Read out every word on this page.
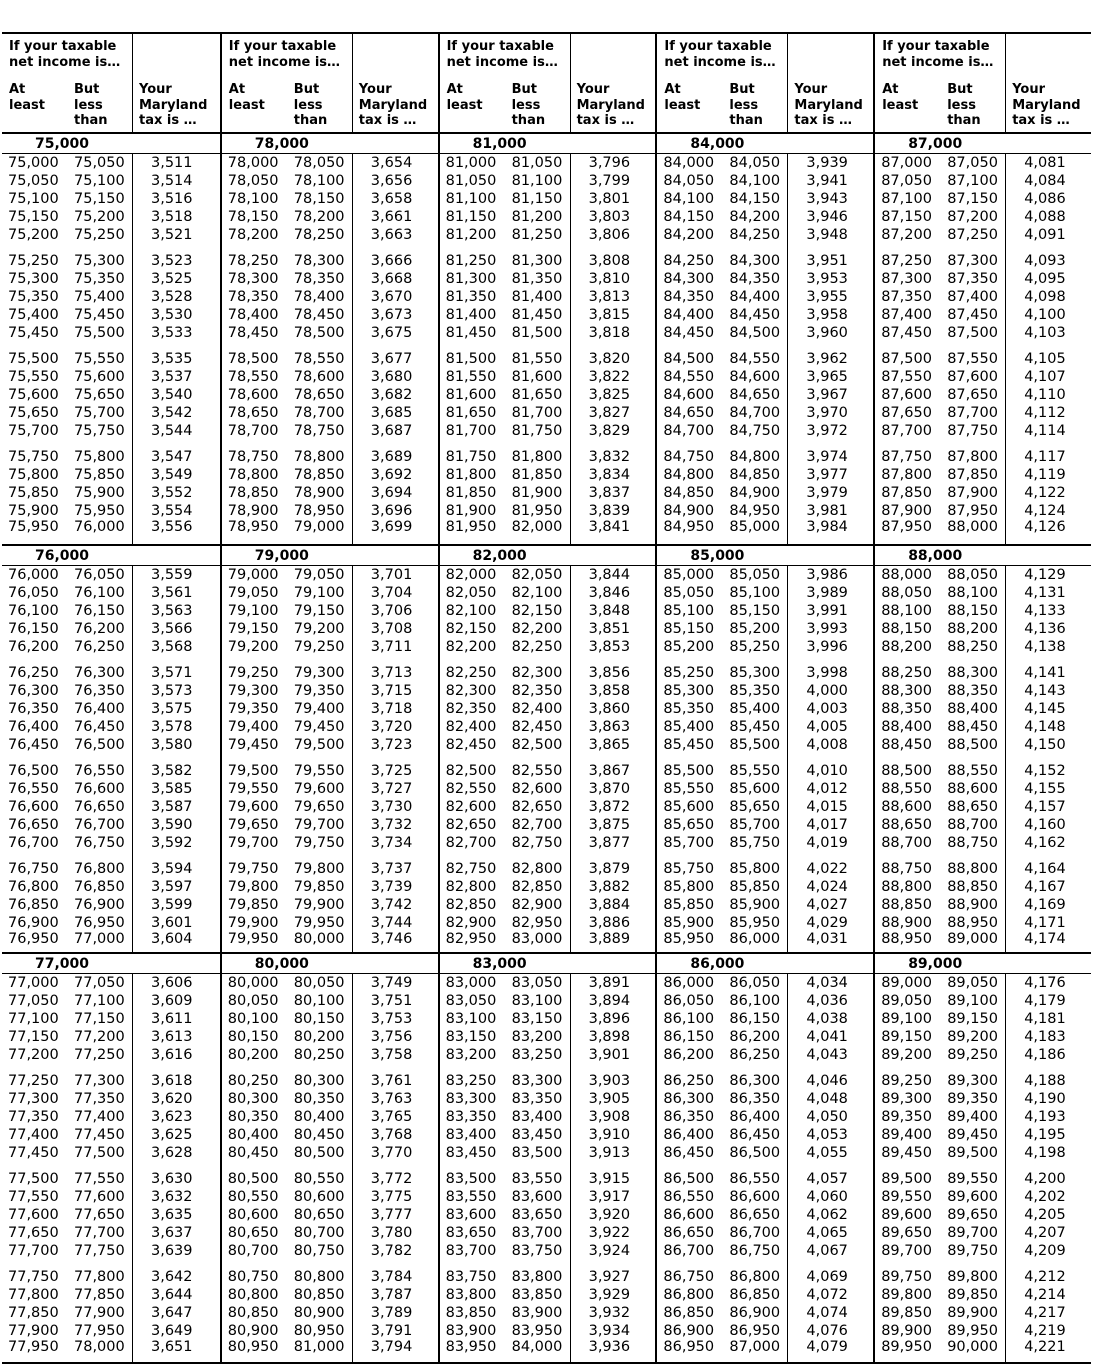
If your taxable
net income is…
At
least
But
less
than
Your
Maryland
tax is …
75,000
75,000 75,050 3,511
75,050 75,100 3,514
75,100 75,150 3,516
75,150 75,200 3,518
75,200 75,250 3,521
75,250 75,300 3,523
75,300 75,350 3,525
75,350 75,400 3,528
75,400 75,450 3,530
75,450 75,500 3,533
75,500 75,550 3,535
75,550 75,600 3,537
75,600 75,650 3,540
75,650 75,700 3,542
75,700 75,750 3,544
75,750 75,800 3,547
75,800 75,850 3,549
75,850 75,900 3,552
75,900 75,950 3,554
75,950 76,000 3,556
76,000
76,000 76,050 3,559
76,050 76,100 3,561
76,100 76,150 3,563
76,150 76,200 3,566
76,200 76,250 3,568
76,250 76,300 3,571
76,300 76,350 3,573
76,350 76,400 3,575
76,400 76,450 3,578
76,450 76,500 3,580
76,500 76,550 3,582
76,550 76,600 3,585
76,600 76,650 3,587
76,650 76,700 3,590
76,700 76,750 3,592
76,750 76,800 3,594
76,800 76,850 3,597
76,850 76,900 3,599
76,900 76,950 3,601
76,950 77,000 3,604
77,000
77,000 77,050 3,606
77,050 77,100 3,609
77,100 77,150 3,611
77,150 77,200 3,613
77,200 77,250 3,616
77,250 77,300 3,618
77,300 77,350 3,620
77,350 77,400 3,623
77,400 77,450 3,625
77,450 77,500 3,628
77,500 77,550 3,630
77,550 77,600 3,632
77,600 77,650 3,635
77,650 77,700 3,637
77,700 77,750 3,639
77,750 77,800 3,642
77,800 77,850 3,644
77,850 77,900 3,647
77,900 77,950 3,649
77,950 78,000 3,651
If your taxable
net income is…
At
least
But
less
than
Your
Maryland
tax is …
78,000
78,000 78,050 3,654
78,050 78,100 3,656
78,100 78,150 3,658
78,150 78,200 3,661
78,200 78,250 3,663
78,250 78,300 3,666
78,300 78,350 3,668
78,350 78,400 3,670
78,400 78,450 3,673
78,450 78,500 3,675
78,500 78,550 3,677
78,550 78,600 3,680
78,600 78,650 3,682
78,650 78,700 3,685
78,700 78,750 3,687
78,750 78,800 3,689
78,800 78,850 3,692
78,850 78,900 3,694
78,900 78,950 3,696
78,950 79,000 3,699
79,000
79,000 79,050 3,701
79,050 79,100 3,704
79,100 79,150 3,706
79,150 79,200 3,708
79,200 79,250 3,711
79,250 79,300 3,713
79,300 79,350 3,715
79,350 79,400 3,718
79,400 79,450 3,720
79,450 79,500 3,723
79,500 79,550 3,725
79,550 79,600 3,727
79,600 79,650 3,730
79,650 79,700 3,732
79,700 79,750 3,734
79,750 79,800 3,737
79,800 79,850 3,739
79,850 79,900 3,742
79,900 79,950 3,744
79,950 80,000 3,746
80,000
80,000 80,050 3,749
80,050 80,100 3,751
80,100 80,150 3,753
80,150 80,200 3,756
80,200 80,250 3,758
80,250 80,300 3,761
80,300 80,350 3,763
80,350 80,400 3,765
80,400 80,450 3,768
80,450 80,500 3,770
80,500 80,550 3,772
80,550 80,600 3,775
80,600 80,650 3,777
80,650 80,700 3,780
80,700 80,750 3,782
80,750 80,800 3,784
80,800 80,850 3,787
80,850 80,900 3,789
80,900 80,950 3,791
80,950 81,000 3,794
If your taxable
net income is…
At
least
But
less
than
Your
Maryland
tax is …
81,000
81,000 81,050 3,796
81,050 81,100 3,799
81,100 81,150 3,801
81,150 81,200 3,803
81,200 81,250 3,806
81,250 81,300 3,808
81,300 81,350 3,810
81,350 81,400 3,813
81,400 81,450 3,815
81,450 81,500 3,818
81,500 81,550 3,820
81,550 81,600 3,822
81,600 81,650 3,825
81,650 81,700 3,827
81,700 81,750 3,829
81,750 81,800 3,832
81,800 81,850 3,834
81,850 81,900 3,837
81,900 81,950 3,839
81,950 82,000 3,841
82,000
82,000 82,050 3,844
82,050 82,100 3,846
82,100 82,150 3,848
82,150 82,200 3,851
82,200 82,250 3,853
82,250 82,300 3,856
82,300 82,350 3,858
82,350 82,400 3,860
82,400 82,450 3,863
82,450 82,500 3,865
82,500 82,550 3,867
82,550 82,600 3,870
82,600 82,650 3,872
82,650 82,700 3,875
82,700 82,750 3,877
82,750 82,800 3,879
82,800 82,850 3,882
82,850 82,900 3,884
82,900 82,950 3,886
82,950 83,000 3,889
83,000
83,000 83,050 3,891
83,050 83,100 3,894
83,100 83,150 3,896
83,150 83,200 3,898
83,200 83,250 3,901
83,250 83,300 3,903
83,300 83,350 3,905
83,350 83,400 3,908
83,400 83,450 3,910
83,450 83,500 3,913
83,500 83,550 3,915
83,550 83,600 3,917
83,600 83,650 3,920
83,650 83,700 3,922
83,700 83,750 3,924
83,750 83,800 3,927
83,800 83,850 3,929
83,850 83,900 3,932
83,900 83,950 3,934
83,950 84,000 3,936
If your taxable
net income is…
At
least
But
less
than
Your
Maryland
tax is …
84,000
84,000 84,050 3,939
84,050 84,100 3,941
84,100 84,150 3,943
84,150 84,200 3,946
84,200 84,250 3,948
84,250 84,300 3,951
84,300 84,350 3,953
84,350 84,400 3,955
84,400 84,450 3,958
84,450 84,500 3,960
84,500 84,550 3,962
84,550 84,600 3,965
84,600 84,650 3,967
84,650 84,700 3,970
84,700 84,750 3,972
84,750 84,800 3,974
84,800 84,850 3,977
84,850 84,900 3,979
84,900 84,950 3,981
84,950 85,000 3,984
85,000
85,000 85,050 3,986
85,050 85,100 3,989
85,100 85,150 3,991
85,150 85,200 3,993
85,200 85,250 3,996
85,250 85,300 3,998
85,300 85,350 4,000
85,350 85,400 4,003
85,400 85,450 4,005
85,450 85,500 4,008
85,500 85,550 4,010
85,550 85,600 4,012
85,600 85,650 4,015
85,650 85,700 4,017
85,700 85,750 4,019
85,750 85,800 4,022
85,800 85,850 4,024
85,850 85,900 4,027
85,900 85,950 4,029
85,950 86,000 4,031
86,000
86,000 86,050 4,034
86,050 86,100 4,036
86,100 86,150 4,038
86,150 86,200 4,041
86,200 86,250 4,043
86,250 86,300 4,046
86,300 86,350 4,048
86,350 86,400 4,050
86,400 86,450 4,053
86,450 86,500 4,055
86,500 86,550 4,057
86,550 86,600 4,060
86,600 86,650 4,062
86,650 86,700 4,065
86,700 86,750 4,067
86,750 86,800 4,069
86,800 86,850 4,072
86,850 86,900 4,074
86,900 86,950 4,076
86,950 87,000 4,079
If your taxable
net income is…
At
least
But
less
than
Your
Maryland
tax is …
87,000
87,000 87,050 4,081
87,050 87,100 4,084
87,100 87,150 4,086
87,150 87,200 4,088
87,200 87,250 4,091
87,250 87,300 4,093
87,300 87,350 4,095
87,350 87,400 4,098
87,400 87,450 4,100
87,450 87,500 4,103
87,500 87,550 4,105
87,550 87,600 4,107
87,600 87,650 4,110
87,650 87,700 4,112
87,700 87,750 4,114
87,750 87,800 4,117
87,800 87,850 4,119
87,850 87,900 4,122
87,900 87,950 4,124
87,950 88,000 4,126
88,000
88,000 88,050 4,129
88,050 88,100 4,131
88,100 88,150 4,133
88,150 88,200 4,136
88,200 88,250 4,138
88,250 88,300 4,141
88,300 88,350 4,143
88,350 88,400 4,145
88,400 88,450 4,148
88,450 88,500 4,150
88,500 88,550 4,152
88,550 88,600 4,155
88,600 88,650 4,157
88,650 88,700 4,160
88,700 88,750 4,162
88,750 88,800 4,164
88,800 88,850 4,167
88,850 88,900 4,169
88,900 88,950 4,171
88,950 89,000 4,174
89,000
89,000 89,050 4,176
89,050 89,100 4,179
89,100 89,150 4,181
89,150 89,200 4,183
89,200 89,250 4,186
89,250 89,300 4,188
89,300 89,350 4,190
89,350 89,400 4,193
89,400 89,450 4,195
89,450 89,500 4,198
89,500 89,550 4,200
89,550 89,600 4,202
89,600 89,650 4,205
89,650 89,700 4,207
89,700 89,750 4,209
89,750 89,800 4,212
89,800 89,850 4,214
89,850 89,900 4,217
89,900 89,950 4,219
89,950 90,000 4,221
